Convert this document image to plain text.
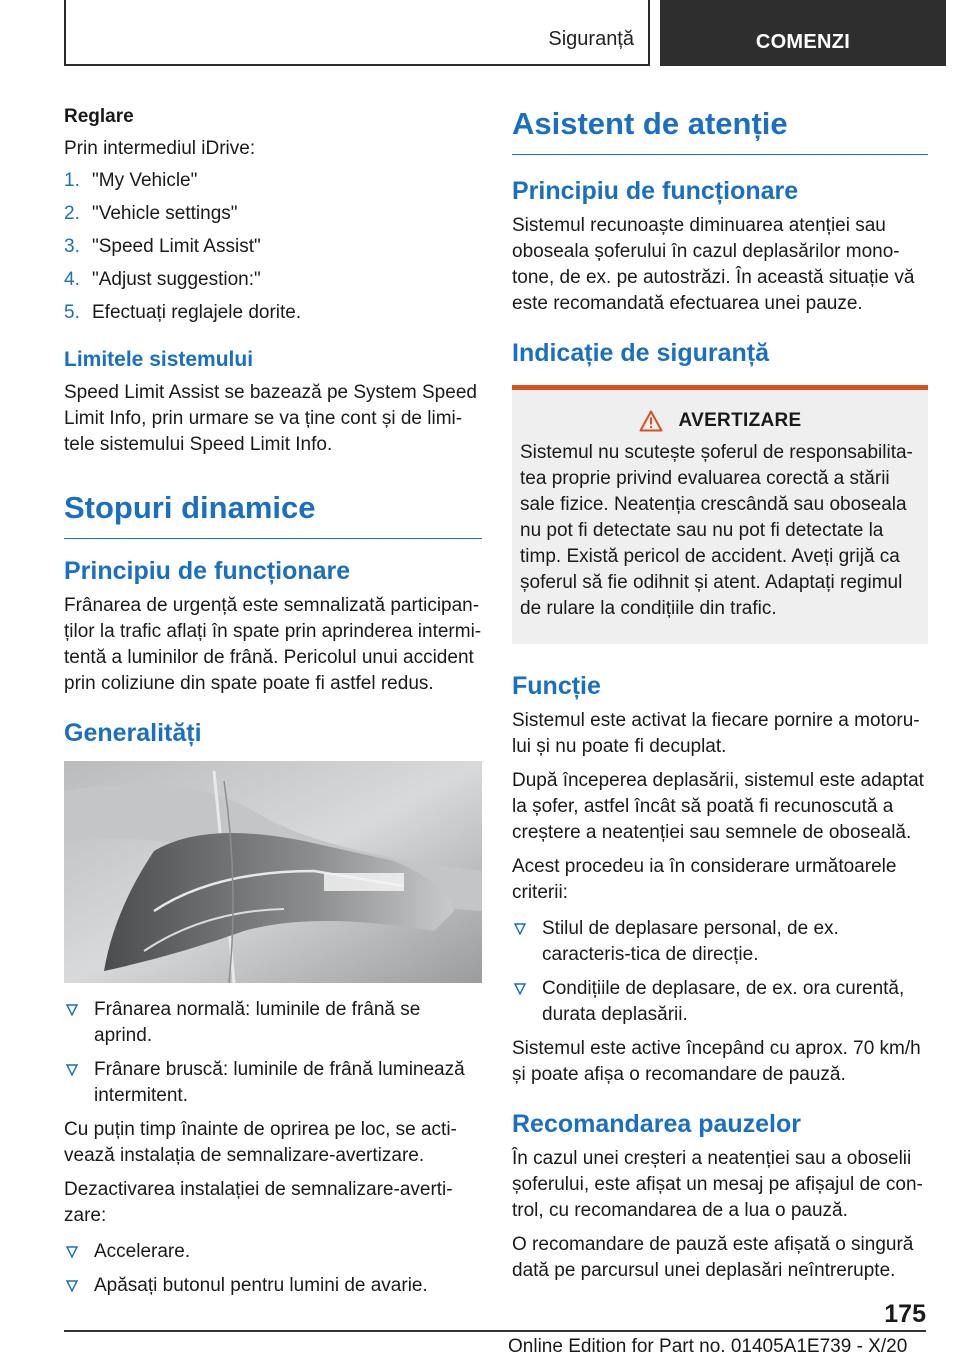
Siguranță	COMENZI
Reglare

Prin intermediul iDrive:

1. "My Vehicle"
2. "Vehicle settings"
3. "Speed Limit Assist"
4. "Adjust suggestion:"
5. Efectuați reglajele dorite.
Limitele sistemului

Speed Limit Assist se bazează pe System Speed Limit Info, prin urmare se va ține cont și de limi-tele sistemului Speed Limit Info.

Stopuri dinamice
Principiu de funcționare

Frânarea de urgență este semnalizată participan-ților la trafic aflați în spate prin aprinderea intermi-tentă a luminilor de frână. Pericolul unui accident prin coliziune din spate poate fi astfel redus.

Generalități
Frânarea normală: luminile de frână se aprind.
Frânare bruscă: luminile de frână luminează intermitent.

Cu puțin timp înainte de oprirea pe loc, se acti-vează instalația de semnalizare-avertizare.

Dezactivarea instalației de semnalizare-averti-zare:

Accelerare.
Apăsați butonul pentru lumini de avarie.
Asistent de atenție
Principiu de funcționare

Sistemul recunoaște diminuarea atenției sau oboseala șoferului în cazul deplasărilor mono-tone, de ex. pe autostrăzi. În această situație vă este recomandată efectuarea unei pauze.

Indicație de siguranță
AVERTIZARE

Sistemul nu scutește șoferul de responsabilita-tea proprie privind evaluarea corectă a stării sale fizice. Neatenția crescândă sau oboseala nu pot fi detectate sau nu pot fi detectate la timp. Există pericol de accident. Aveți grijă ca șoferul să fie odihnit și atent. Adaptați regimul de rulare la condițiile din trafic.

Funcție

Sistemul este activat la fiecare pornire a motoru-lui și nu poate fi decuplat.

După începerea deplasării, sistemul este adaptat la șofer, astfel încât să poată fi recunoscută a creștere a neatenției sau semnele de oboseală.

Acest procedeu ia în considerare următoarele criterii:

Stilul de deplasare personal, de ex. caracteris-tica de direcție.
Condițiile de deplasare, de ex. ora curentă, durata deplasării.

Sistemul este active începând cu aprox. 70 km/h și poate afișa o recomandare de pauză.

Recomandarea pauzelor

În cazul unei creșteri a neatenției sau a oboselii șoferului, este afișat un mesaj pe afișajul de con-trol, cu recomandarea de a lua o pauză.

O recomandare de pauză este afișată o singură dată pe parcursul unei deplasări neîntrerupte.

175
Online Edition for Part no. 01405A1E739 - X/20
